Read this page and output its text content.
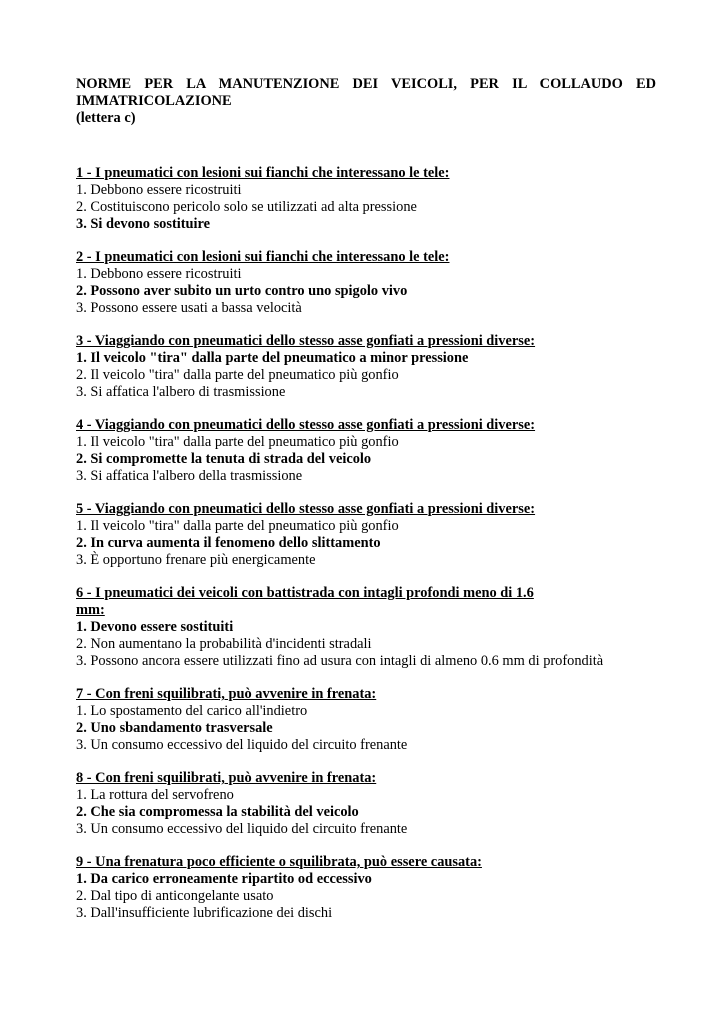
NORME PER LA MANUTENZIONE DEI VEICOLI, PER IL COLLAUDO ED
IMMATRICOLAZIONE

(lettera c)

1 - I pneumatici con lesioni sui fianchi che interessano le tele:

1. Debbono essere ricostruiti

2. Costituiscono pericolo solo se utilizzati ad alta pressione

3. Si devono sostituire

2 - I pneumatici con lesioni sui fianchi che interessano le tele:

1. Debbono essere ricostruiti

2. Possono aver subito un urto contro uno spigolo vivo

3. Possono essere usati a bassa velocità

3 - Viaggiando con pneumatici dello stesso asse gonfiati a pressioni diverse:

1. Il veicolo "tira" dalla parte del pneumatico a minor pressione

2. Il veicolo "tira" dalla parte del pneumatico più gonfio

3. Si affatica l'albero di trasmissione

4 - Viaggiando con pneumatici dello stesso asse gonfiati a pressioni diverse:

1. Il veicolo "tira" dalla parte del pneumatico più gonfio

2. Si compromette la tenuta di strada del veicolo

3. Si affatica l'albero della trasmissione

5 - Viaggiando con pneumatici dello stesso asse gonfiati a pressioni diverse:

1. Il veicolo "tira" dalla parte del pneumatico più gonfio

2. In curva aumenta il fenomeno dello slittamento

3. È opportuno frenare più energicamente

6 - I pneumatici dei veicoli con battistrada con intagli profondi meno di 1.6 mm:

1. Devono essere sostituiti

2. Non aumentano la probabilità d'incidenti stradali

3. Possono ancora essere utilizzati fino ad usura con intagli di almeno 0.6 mm di profondità

7 - Con freni squilibrati, può avvenire in frenata:

1. Lo spostamento del carico all'indietro

2. Uno sbandamento trasversale

3. Un consumo eccessivo del liquido del circuito frenante

8 - Con freni squilibrati, può avvenire in frenata:

1. La rottura del servofreno

2. Che sia compromessa la stabilità del veicolo

3. Un consumo eccessivo del liquido del circuito frenante

9 - Una frenatura poco efficiente o squilibrata, può essere causata:

1. Da carico erroneamente ripartito od eccessivo

2. Dal tipo di anticongelante usato

3. Dall'insufficiente lubrificazione dei dischi
